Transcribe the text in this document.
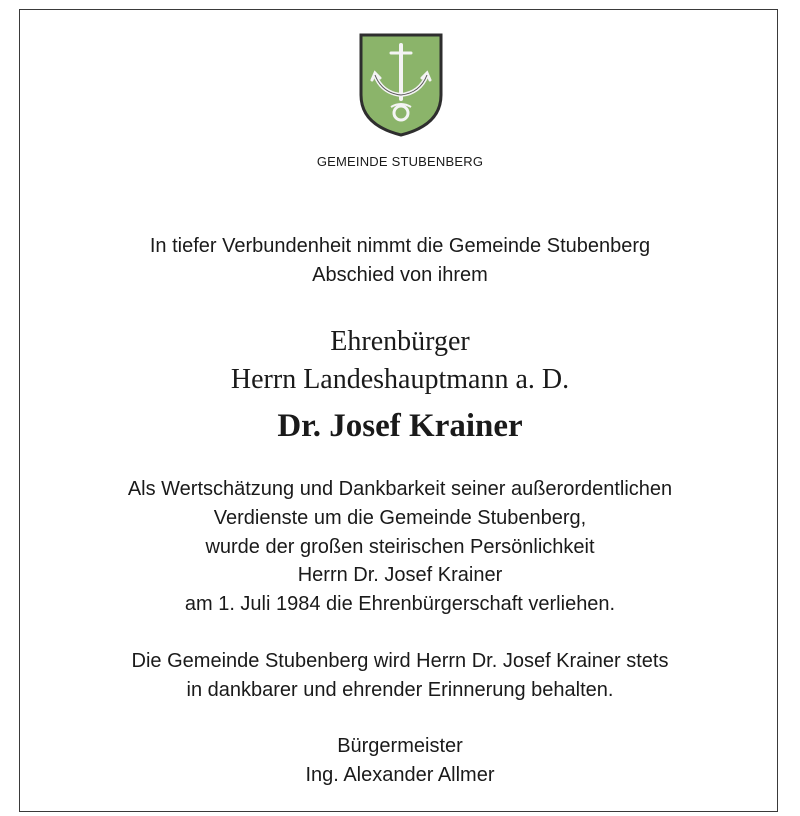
GEMEINDE STUBENBERG
In tiefer Verbundenheit nimmt die Gemeinde Stubenberg
Abschied von ihrem
Ehrenbürger
Herrn Landeshauptmann a. D.
Dr. Josef Krainer
Als Wertschätzung und Dankbarkeit seiner außerordentlichen
Verdienste um die Gemeinde Stubenberg,
wurde der großen steirischen Persönlichkeit
Herrn Dr. Josef Krainer
am 1. Juli 1984 die Ehrenbürgerschaft verliehen.
Die Gemeinde Stubenberg wird Herrn Dr. Josef Krainer stets
in dankbarer und ehrender Erinnerung behalten.
Bürgermeister
Ing. Alexander Allmer
